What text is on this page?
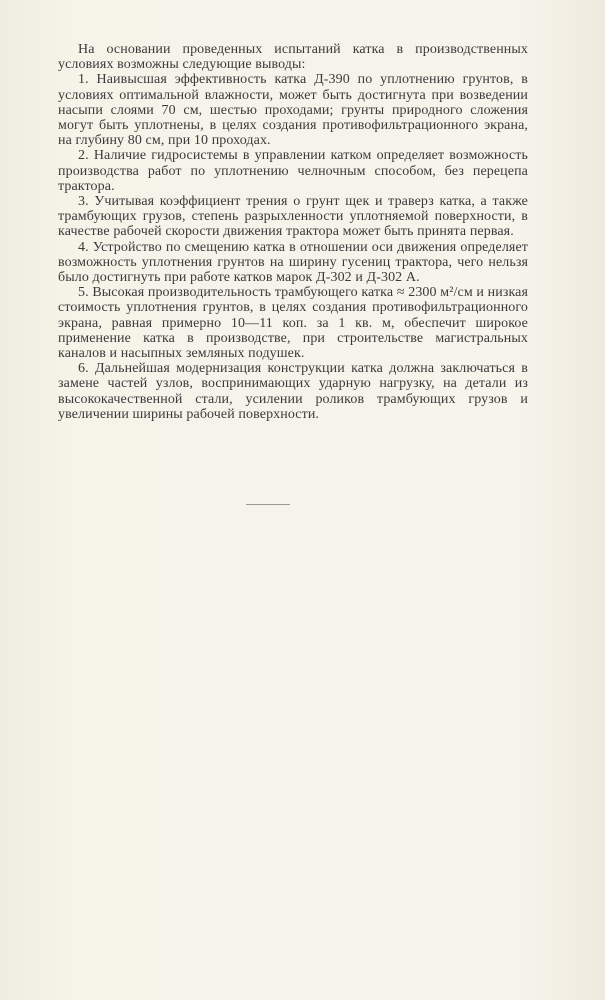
На основании проведенных испытаний катка в производственных условиях возможны следующие выводы:

1. Наивысшая эффективность катка Д-390 по уплотнению грунтов, в условиях оптимальной влажности, может быть достигнута при возведении насыпи слоями 70 см, шестью проходами; грунты природного сложения могут быть уплотнены, в целях создания противофильтрационного экрана, на глубину 80 см, при 10 проходах.

2. Наличие гидросистемы в управлении катком определяет возможность производства работ по уплотнению челночным способом, без перецепа трактора.

3. Учитывая коэффициент трения о грунт щек и траверз катка, а также трамбующих грузов, степень разрыхленности уплотняемой поверхности, в качестве рабочей скорости движения трактора может быть принята первая.

4. Устройство по смещению катка в отношении оси движения определяет возможность уплотнения грунтов на ширину гусениц трактора, чего нельзя было достигнуть при работе катков марок Д-302 и Д-302 А.

5. Высокая производительность трамбующего катка ≈ 2300 м²/см и низкая стоимость уплотнения грунтов, в целях создания противофильтрационного экрана, равная примерно 10—11 коп. за 1 кв. м, обеспечит широкое применение катка в производстве, при строительстве магистральных каналов и насыпных земляных подушек.

6. Дальнейшая модернизация конструкции катка должна заключаться в замене частей узлов, воспринимающих ударную нагрузку, на детали из высококачественной стали, усилении роликов трамбующих грузов и увеличении ширины рабочей поверхности.
